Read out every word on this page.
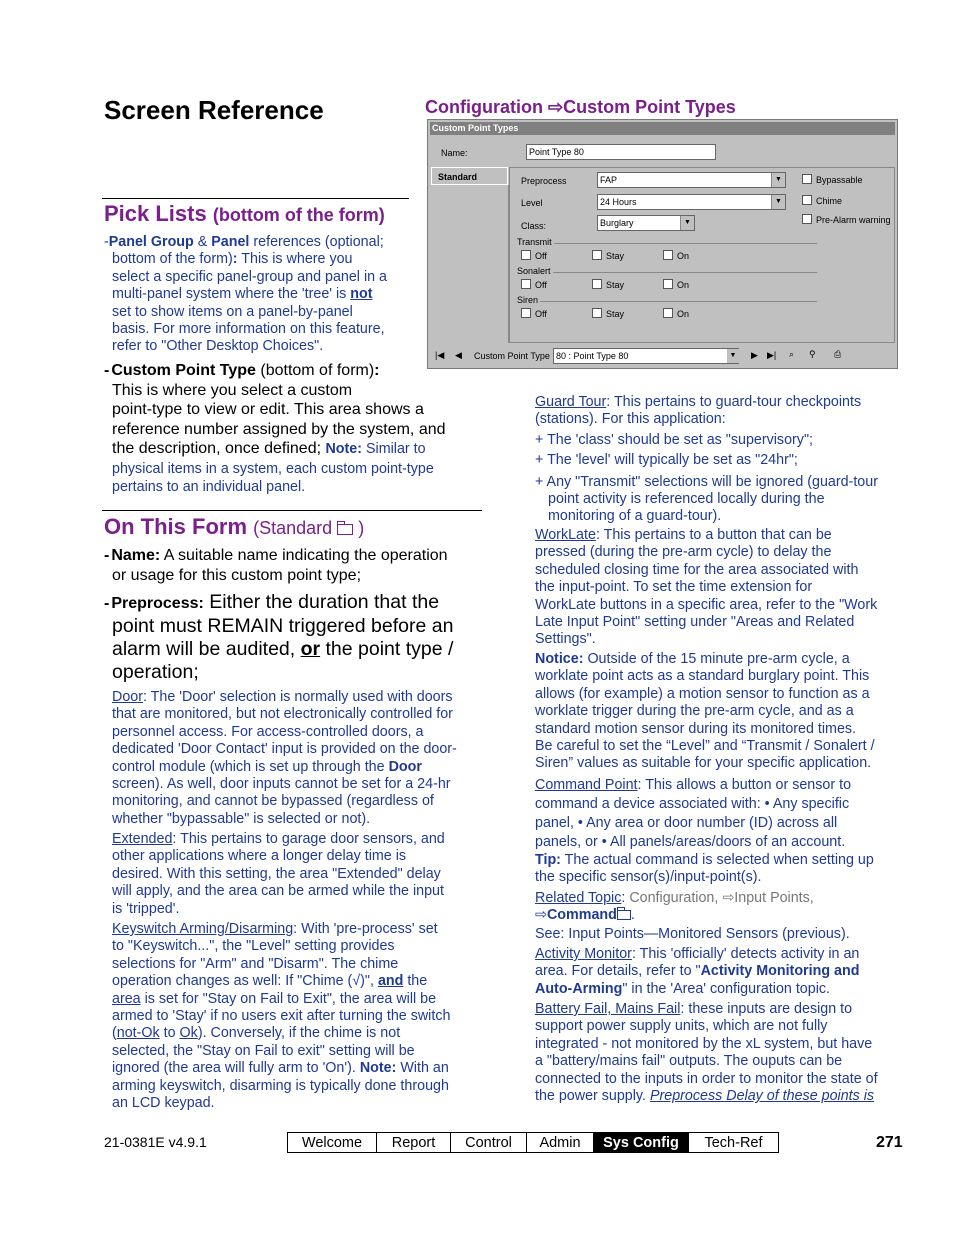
Screen Reference	Configuration ⇨Custom Point Types
Custom Point Types
Name:	Point Type 80
Standard	Preprocess	FAP	▼
Level	24 Hours	▼
Class:	Burglary	▼
Bypassable
Chime
Pre-Alarm warning
Transmit
Off	Stay	On
Sonalert
Off	Stay	On
Siren
Off	Stay	On
|◀ ◀ Custom Point Type 80 : Point Type 80	▼ ▶ ▶| ⌕ ⚲ ⎙
Pick Lists (bottom of the form)

-Panel Group & Panel references (optional;

bottom of the form): This is where you

select a specific panel-group and panel in a

multi-panel system where the 'tree' is not

set to show items on a panel-by-panel

basis. For more information on this feature,

refer to "Other Desktop Choices".

- Custom Point Type (bottom of form):

This is where you select a custom

point-type to view or edit. This area shows a

reference number assigned by the system, and

the description, once defined; Note: Similar to

physical items in a system, each custom point-type

pertains to an individual panel.

On This Form (Standard )

- Name: A suitable name indicating the operation

or usage for this custom point type;

- Preprocess: Either the duration that the

point must REMAIN triggered before an

alarm will be audited, or the point type /

operation;

Door: The 'Door' selection is normally used with doors

that are monitored, but not electronically controlled for

personnel access. For access-controlled doors, a

dedicated 'Door Contact' input is provided on the door-

control module (which is set up through the Door

screen). As well, door inputs cannot be set for a 24-hr

monitoring, and cannot be bypassed (regardless of

whether "bypassable" is selected or not).

Extended: This pertains to garage door sensors, and

other applications where a longer delay time is

desired. With this setting, the area "Extended" delay

will apply, and the area can be armed while the input

is 'tripped'.

Keyswitch Arming/Disarming: With 'pre-process' set

to "Keyswitch...", the "Level" setting provides

selections for "Arm" and "Disarm". The chime

operation changes as well: If "Chime (√)", and the

area is set for "Stay on Fail to Exit", the area will be

armed to 'Stay' if no users exit after turning the switch

(not-Ok to Ok). Conversely, if the chime is not

selected, the "Stay on Fail to exit" setting will be

ignored (the area will fully arm to 'On'). Note: With an

arming keyswitch, disarming is typically done through

an LCD keypad.

Guard Tour: This pertains to guard-tour checkpoints

(stations). For this application:

+ The 'class' should be set as "supervisory";

+ The 'level' will typically be set as "24hr";

+ Any "Transmit" selections will be ignored (guard-tour

point activity is referenced locally during the

monitoring of a guard-tour).

WorkLate: This pertains to a button that can be

pressed (during the pre-arm cycle) to delay the

scheduled closing time for the area associated with

the input-point. To set the time extension for

WorkLate buttons in a specific area, refer to the "Work

Late Input Point" setting under "Areas and Related

Settings".

Notice: Outside of the 15 minute pre-arm cycle, a

worklate point acts as a standard burglary point. This

allows (for example) a motion sensor to function as a

worklate trigger during the pre-arm cycle, and as a

standard motion sensor during its monitored times.

Be careful to set the “Level” and “Transmit / Sonalert /

Siren” values as suitable for your specific application.

Command Point: This allows a button or sensor to

command a device associated with: • Any specific

panel, • Any area or door number (ID) across all

panels, or • All panels/areas/doors of an account.

Tip: The actual command is selected when setting up

the specific sensor(s)/input-point(s).

Related Topic: Configuration, ⇨Input Points,

⇨Command .

See: Input Points—Monitored Sensors (previous).

Activity Monitor: This 'officially' detects activity in an

area. For details, refer to "Activity Monitoring and

Auto-Arming" in the 'Area' configuration topic.

Battery Fail, Mains Fail: these inputs are design to

support power supply units, which are not fully

integrated - not monitored by the xL system, but have

a "battery/mains fail" outputs. The ouputs can be

connected to the inputs in order to monitor the state of

the power supply. Preprocess Delay of these points is

21-0381E v4.9.1	Welcome	Report	Control	Admin	Sys Config	Tech-Ref	271
